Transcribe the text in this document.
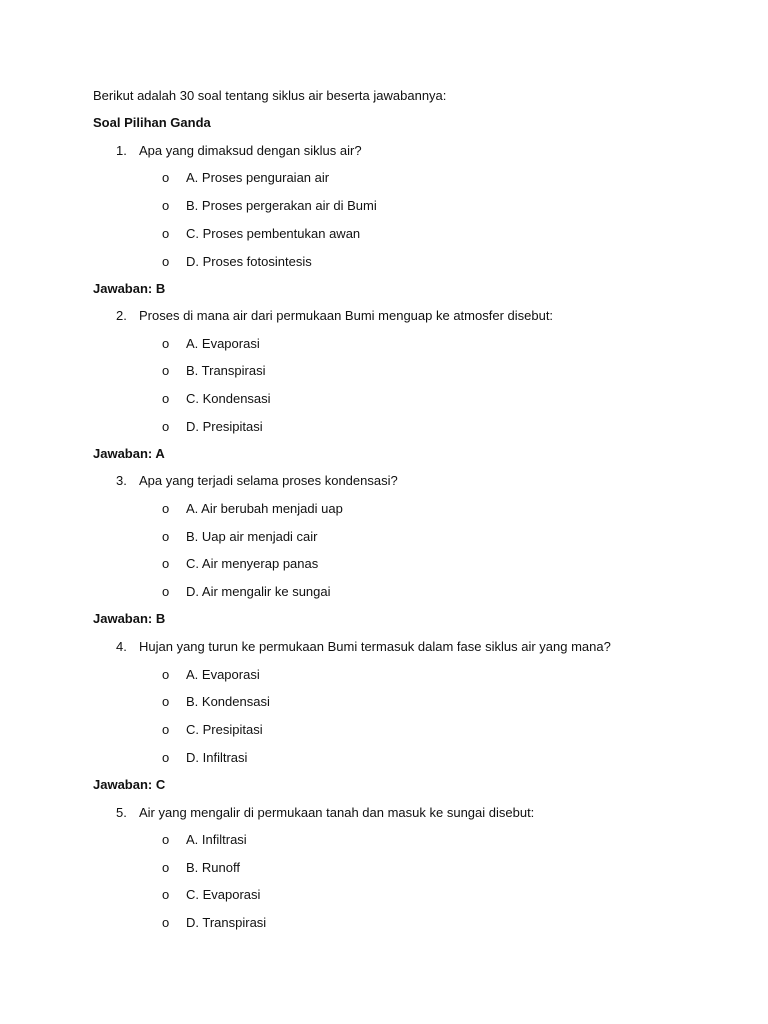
Berikut adalah 30 soal tentang siklus air beserta jawabannya:
Soal Pilihan Ganda
1. Apa yang dimaksud dengan siklus air?
o A. Proses penguraian air
o B. Proses pergerakan air di Bumi
o C. Proses pembentukan awan
o D. Proses fotosintesis
Jawaban: B
2. Proses di mana air dari permukaan Bumi menguap ke atmosfer disebut:
o A. Evaporasi
o B. Transpirasi
o C. Kondensasi
o D. Presipitasi
Jawaban: A
3. Apa yang terjadi selama proses kondensasi?
o A. Air berubah menjadi uap
o B. Uap air menjadi cair
o C. Air menyerap panas
o D. Air mengalir ke sungai
Jawaban: B
4. Hujan yang turun ke permukaan Bumi termasuk dalam fase siklus air yang mana?
o A. Evaporasi
o B. Kondensasi
o C. Presipitasi
o D. Infiltrasi
Jawaban: C
5. Air yang mengalir di permukaan tanah dan masuk ke sungai disebut:
o A. Infiltrasi
o B. Runoff
o C. Evaporasi
o D. Transpirasi
